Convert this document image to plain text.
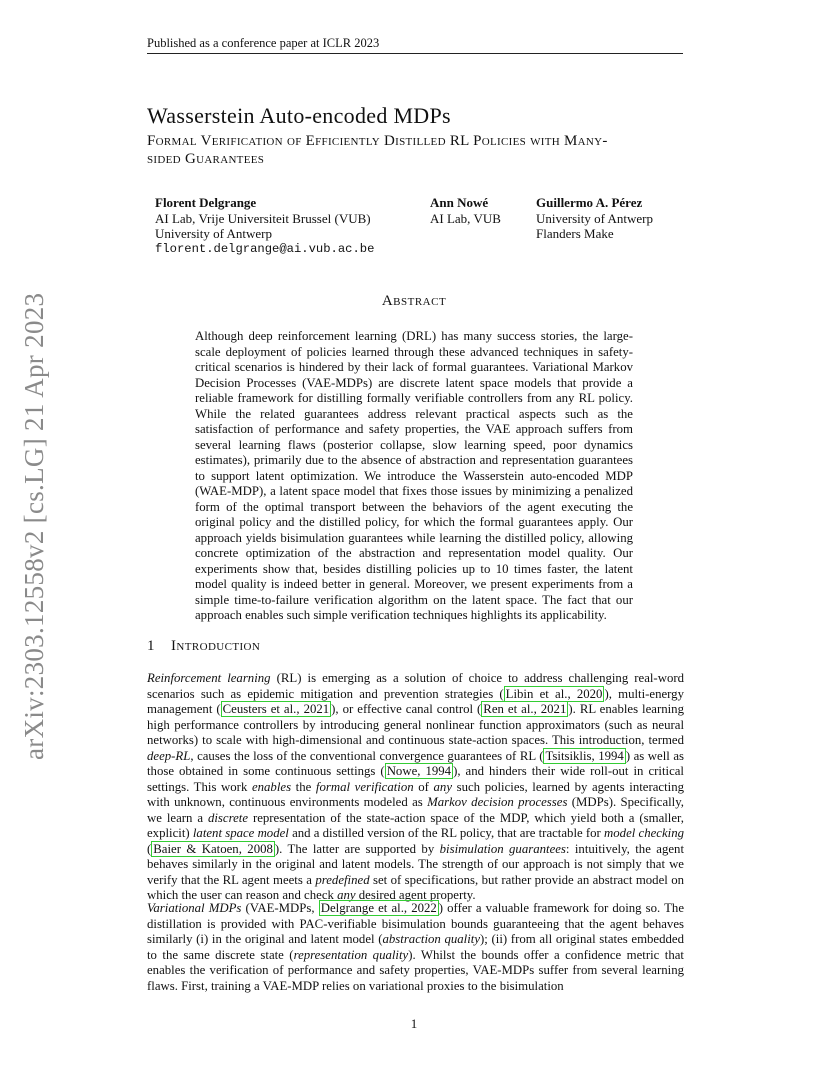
Published as a conference paper at ICLR 2023
Wasserstein Auto-encoded MDPs
Formal Verification of Efficiently Distilled RL Policies with Many-
sided Guarantees
Florent Delgrange
AI Lab, Vrije Universiteit Brussel (VUB)
University of Antwerp
florent.delgrange@ai.vub.ac.be
Ann Nowé
AI Lab, VUB
Guillermo A. Pérez
University of Antwerp
Flanders Make
arXiv:2303.12558v2 [cs.LG] 21 Apr 2023	Abstract

Although deep reinforcement learning (DRL) has many success stories, the large-scale deployment of policies learned through these advanced techniques in safety-critical scenarios is hindered by their lack of formal guarantees. Variational Markov Decision Processes (VAE-MDPs) are discrete latent space models that provide a reliable framework for distilling formally verifiable controllers from any RL policy. While the related guarantees address relevant practical aspects such as the satisfaction of performance and safety properties, the VAE approach suffers from several learning flaws (posterior collapse, slow learning speed, poor dynamics estimates), primarily due to the absence of abstraction and representation guarantees to support latent optimization. We introduce the Wasserstein auto-encoded MDP (WAE-MDP), a latent space model that fixes those issues by minimizing a penalized form of the optimal transport between the behaviors of the agent executing the original policy and the distilled policy, for which the formal guarantees apply. Our approach yields bisimulation guarantees while learning the distilled policy, allowing concrete optimization of the abstraction and representation model quality. Our experiments show that, besides distilling policies up to 10 times faster, the latent model quality is indeed better in general. Moreover, we present experiments from a simple time-to-failure verification algorithm on the latent space. The fact that our approach enables such simple verification techniques highlights its applicability.

1 Introduction

Reinforcement learning (RL) is emerging as a solution of choice to address challenging real-word scenarios such as epidemic mitigation and prevention strategies ( Libin et al., 2020 ), multi-energy management ( Ceusters et al., 2021 ), or effective canal control ( Ren et al., 2021 ). RL enables learning high performance controllers by introducing general nonlinear function approximators (such as neural networks) to scale with high-dimensional and continuous state-action spaces. This introduction, termed deep-RL, causes the loss of the conventional convergence guarantees of RL ( Tsitsiklis, 1994 ) as well as those obtained in some continuous settings ( Nowe, 1994 ), and hinders their wide roll-out in critical settings. This work enables the formal verification of any such policies, learned by agents interacting with unknown, continuous environments modeled as Markov decision processes (MDPs). Specifically, we learn a discrete representation of the state-action space of the MDP, which yield both a (smaller, explicit) latent space model and a distilled version of the RL policy, that are tractable for model checking ( Baier & Katoen, 2008 ). The latter are supported by bisimulation guarantees: intuitively, the agent behaves similarly in the original and latent models. The strength of our approach is not simply that we verify that the RL agent meets a predefined set of specifications, but rather provide an abstract model on which the user can reason and check any desired agent property.

Variational MDPs (VAE-MDPs, Delgrange et al., 2022 ) offer a valuable framework for doing so. The distillation is provided with PAC-verifiable bisimulation bounds guaranteeing that the agent behaves similarly (i) in the original and latent model (abstraction quality); (ii) from all original states embedded to the same discrete state (representation quality). Whilst the bounds offer a confidence metric that enables the verification of performance and safety properties, VAE-MDPs suffer from several learning flaws. First, training a VAE-MDP relies on variational proxies to the bisimulation

1
